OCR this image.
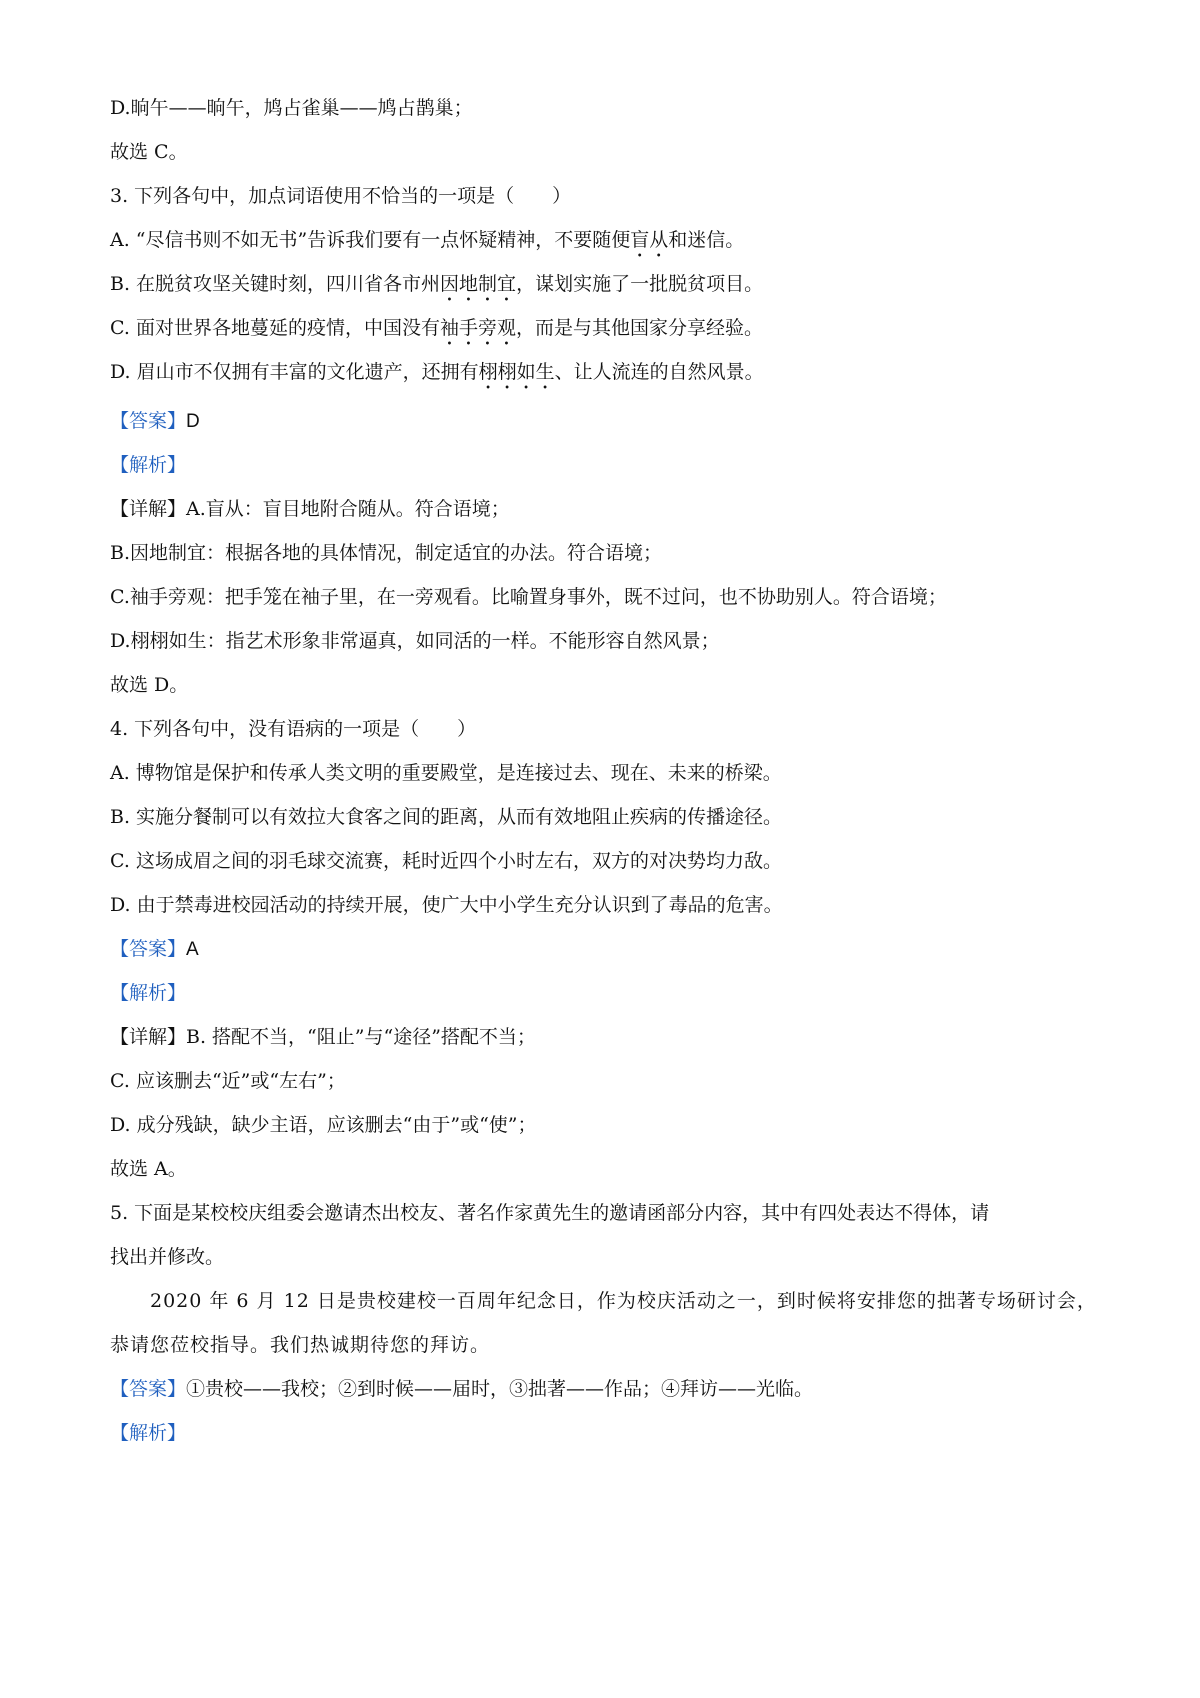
D.晌午——晌午，鸠占雀巢——鸠占鹊巢；
故选 C。
3. 下列各句中，加点词语使用不恰当的一项是（　　）
A. “尽信书则不如无书”告诉我们要有一点怀疑精神，不要随便盲从和迷信。
B. 在脱贫攻坚关键时刻，四川省各市州因地制宜，谋划实施了一批脱贫项目。
C. 面对世界各地蔓延的疫情，中国没有袖手旁观，而是与其他国家分享经验。
D. 眉山市不仅拥有丰富的文化遗产，还拥有栩栩如生、让人流连的自然风景。
【答案】D
【解析】
【详解】A.盲从：盲目地附合随从。符合语境；
B.因地制宜：根据各地的具体情况，制定适宜的办法。符合语境；
C.袖手旁观：把手笼在袖子里，在一旁观看。比喻置身事外，既不过问，也不协助别人。符合语境；
D.栩栩如生：指艺术形象非常逼真，如同活的一样。不能形容自然风景；
故选 D。
4. 下列各句中，没有语病的一项是（　　）
A. 博物馆是保护和传承人类文明的重要殿堂，是连接过去、现在、未来的桥梁。
B. 实施分餐制可以有效拉大食客之间的距离，从而有效地阻止疾病的传播途径。
C. 这场成眉之间的羽毛球交流赛，耗时近四个小时左右，双方的对决势均力敌。
D. 由于禁毒进校园活动的持续开展，使广大中小学生充分认识到了毒品的危害。
【答案】A
【解析】
【详解】B. 搭配不当，“阻止”与“途径”搭配不当；
C. 应该删去“近”或“左右”；
D. 成分残缺，缺少主语，应该删去“由于”或“使”；
故选 A。
5. 下面是某校校庆组委会邀请杰出校友、著名作家黄先生的邀请函部分内容，其中有四处表达不得体，请
找出并修改。
2020 年 6 月 12 日是贵校建校一百周年纪念日，作为校庆活动之一，到时候将安排您的拙著专场研讨会，
恭请您莅校指导。我们热诚期待您的拜访。
【答案】①贵校——我校；②到时候——届时，③拙著——作品；④拜访——光临。
【解析】
